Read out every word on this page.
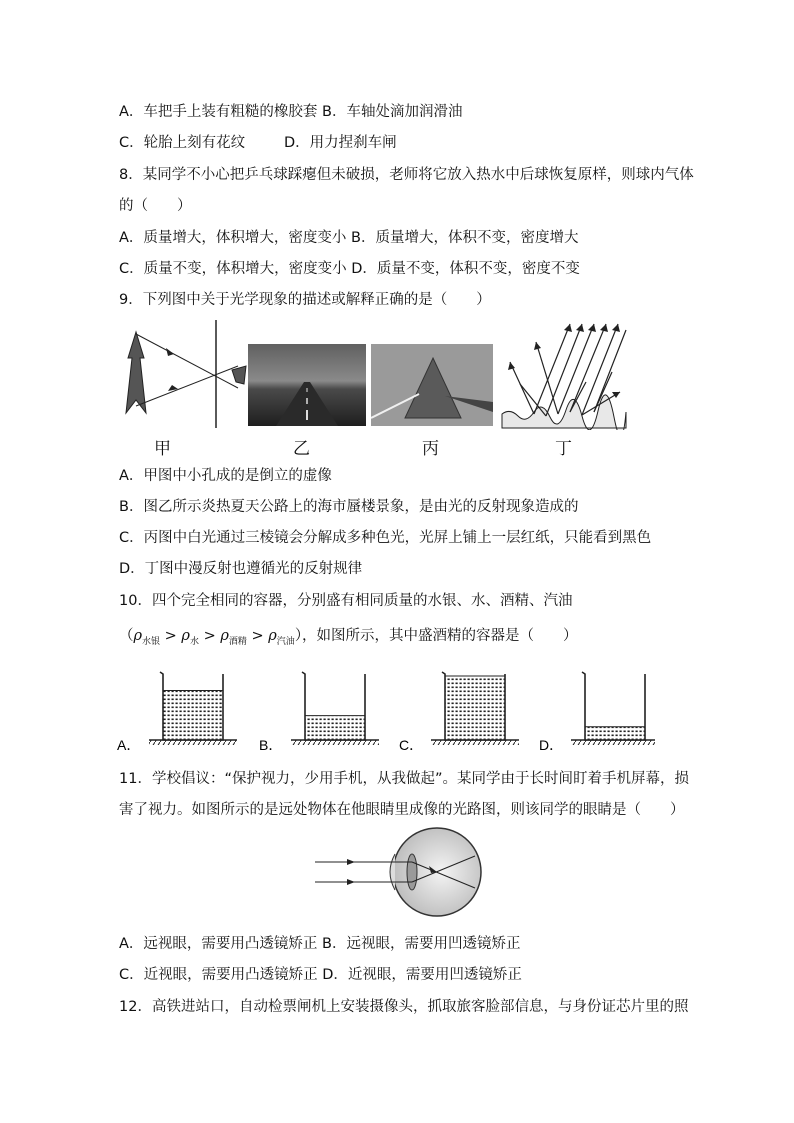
A．车把手上装有粗糙的橡胶套 B．车轴处滴加润滑油
C．轮胎上刻有花纹	D．用力捏刹车闸
8．某同学不小心把乒乓球踩瘪但未破损，老师将它放入热水中后球恢复原样，则球内气体
的（　　）
A．质量增大，体积增大，密度变小 B．质量增大，体积不变，密度增大
C．质量不变，体积增大，密度变小 D．质量不变，体积不变，密度不变
9．下列图中关于光学现象的描述或解释正确的是（　　）
甲	乙	丙	丁
A．甲图中小孔成的是倒立的虚像
B．图乙所示炎热夏天公路上的海市蜃楼景象，是由光的反射现象造成的
C．丙图中白光通过三棱镜会分解成多种色光，光屏上铺上一层红纸，只能看到黑色
D．丁图中漫反射也遵循光的反射规律
10．四个完全相同的容器，分别盛有相同质量的水银、水、酒精、汽油
$(\rho_{水银} > \rho_水 > \rho_{酒精} > \rho_{汽油})$，如图所示，其中盛酒精的容器是（　　）
A．	B．	C．	D．
11．学校倡议：“保护视力，少用手机，从我做起”。某同学由于长时间盯着手机屏幕，损
害了视力。如图所示的是远处物体在他眼睛里成像的光路图，则该同学的眼睛是（　　）
A．远视眼，需要用凸透镜矫正 B．远视眼，需要用凹透镜矫正
C．近视眼，需要用凸透镜矫正 D．近视眼，需要用凹透镜矫正
12．高铁进站口，自动检票闸机上安装摄像头，抓取旅客脸部信息，与身份证芯片里的照
